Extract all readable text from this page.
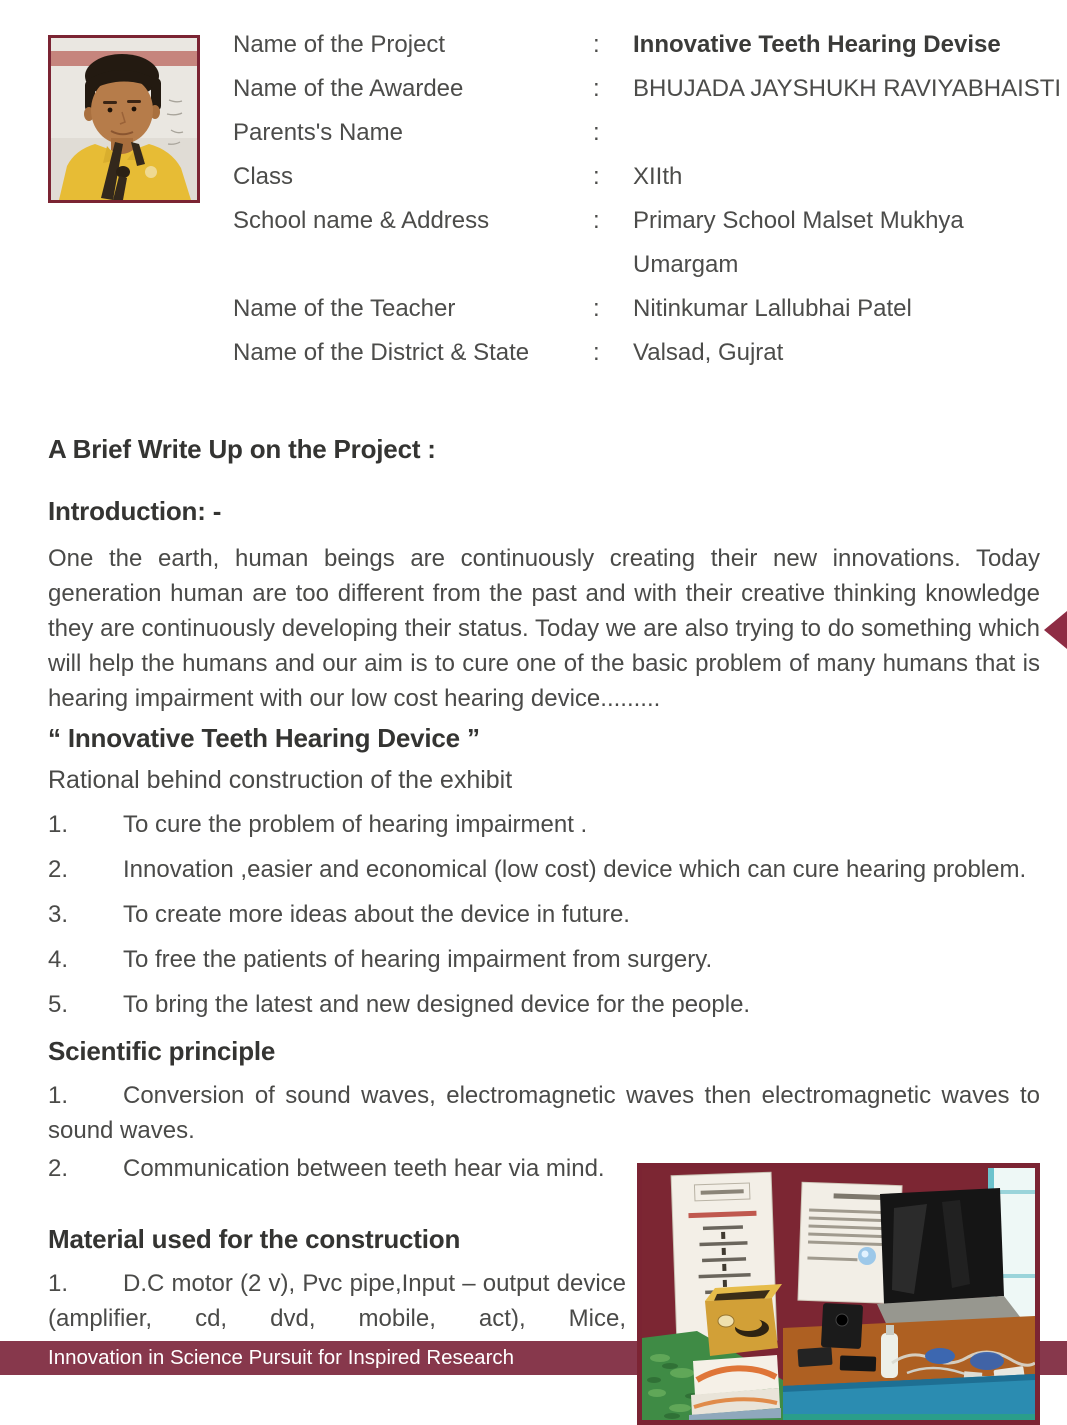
Name of the Project	:	Innovative Teeth Hearing Devise
Name of the Awardee	:	BHUJADA JAYSHUKH RAVIYABHAISTI
Parents's Name	:
Class	:	XIIth
School name & Address	:	Primary School Malset Mukhya
Umargam
Name of the Teacher	:	Nitinkumar Lallubhai Patel
Name of the District & State	:	Valsad, Gujrat
A Brief Write Up on the Project :
Introduction: -
One the earth, human beings are continuously creating their new innovations. Today generation human are too different from the past and with their creative thinking knowledge they are continuously developing their status. Today we are also trying to do something which will help the humans and our aim is to cure one of the basic problem of many humans that is hearing impairment with our low cost hearing device.........
“ Innovative Teeth Hearing Device ”
Rational behind construction of the exhibit
1. To cure the problem of hearing impairment .
2. Innovation ,easier and economical (low cost) device which can cure hearing problem.
3. To create more ideas about the device in future.
4. To free the patients of hearing impairment from surgery.
5. To bring the latest and new designed device for the people.
Scientific principle
1. Conversion of sound waves, electromagnetic waves then electromagnetic waves to sound waves.
2. Communication between teeth hear via mind.
Material used for the construction
1. D.C motor (2 v), Pvc pipe,Input – output device (amplifier, cd, dvd, mobile, act), Mice,
Innovation in Science Pursuit for Inspired Research
